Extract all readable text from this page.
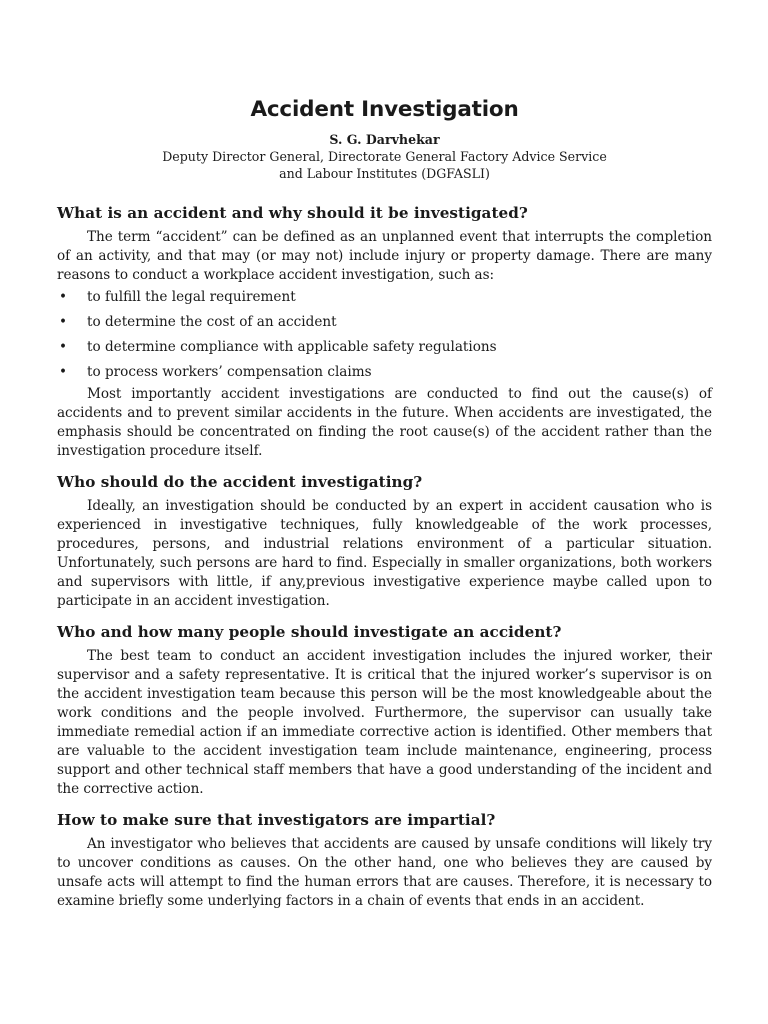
Accident Investigation
S. G. Darvhekar
Deputy Director General, Directorate General Factory Advice Service
and Labour Institutes (DGFASLI)
What is an accident and why should it be investigated?

The term “accident” can be defined as an unplanned event that interrupts the completion of an activity, and that may (or may not) include injury or property damage. There are many reasons to conduct a workplace accident investigation, such as:

•	to fulfill the legal requirement
•	to determine the cost of an accident
•	to determine compliance with applicable safety regulations
•	to process workers’ compensation claims

Most importantly accident investigations are conducted to find out the cause(s) of accidents and to prevent similar accidents in the future. When accidents are investigated, the emphasis should be concentrated on finding the root cause(s) of the accident rather than the investigation procedure itself.

Who should do the accident investigating?

Ideally, an investigation should be conducted by an expert in accident causation who is experienced in investigative techniques, fully knowledgeable of the work processes, procedures, persons, and industrial relations environment of a particular situation. Unfortunately, such persons are hard to find. Especially in smaller organizations, both workers and supervisors with little, if any,previous investigative experience maybe called upon to participate in an accident investigation.

Who and how many people should investigate an accident?

The best team to conduct an accident investigation includes the injured worker, their supervisor and a safety representative. It is critical that the injured worker’s supervisor is on the accident investigation team because this person will be the most knowledgeable about the work conditions and the people involved. Furthermore, the supervisor can usually take immediate remedial action if an immediate corrective action is identified. Other members that are valuable to the accident investigation team include maintenance, engineering, process support and other technical staff members that have a good understanding of the incident and the corrective action.

How to make sure that investigators are impartial?

An investigator who believes that accidents are caused by unsafe conditions will likely try to uncover conditions as causes. On the other hand, one who believes they are caused by unsafe acts will attempt to find the human errors that are causes. Therefore, it is necessary to examine briefly some underlying factors in a chain of events that ends in an accident.
